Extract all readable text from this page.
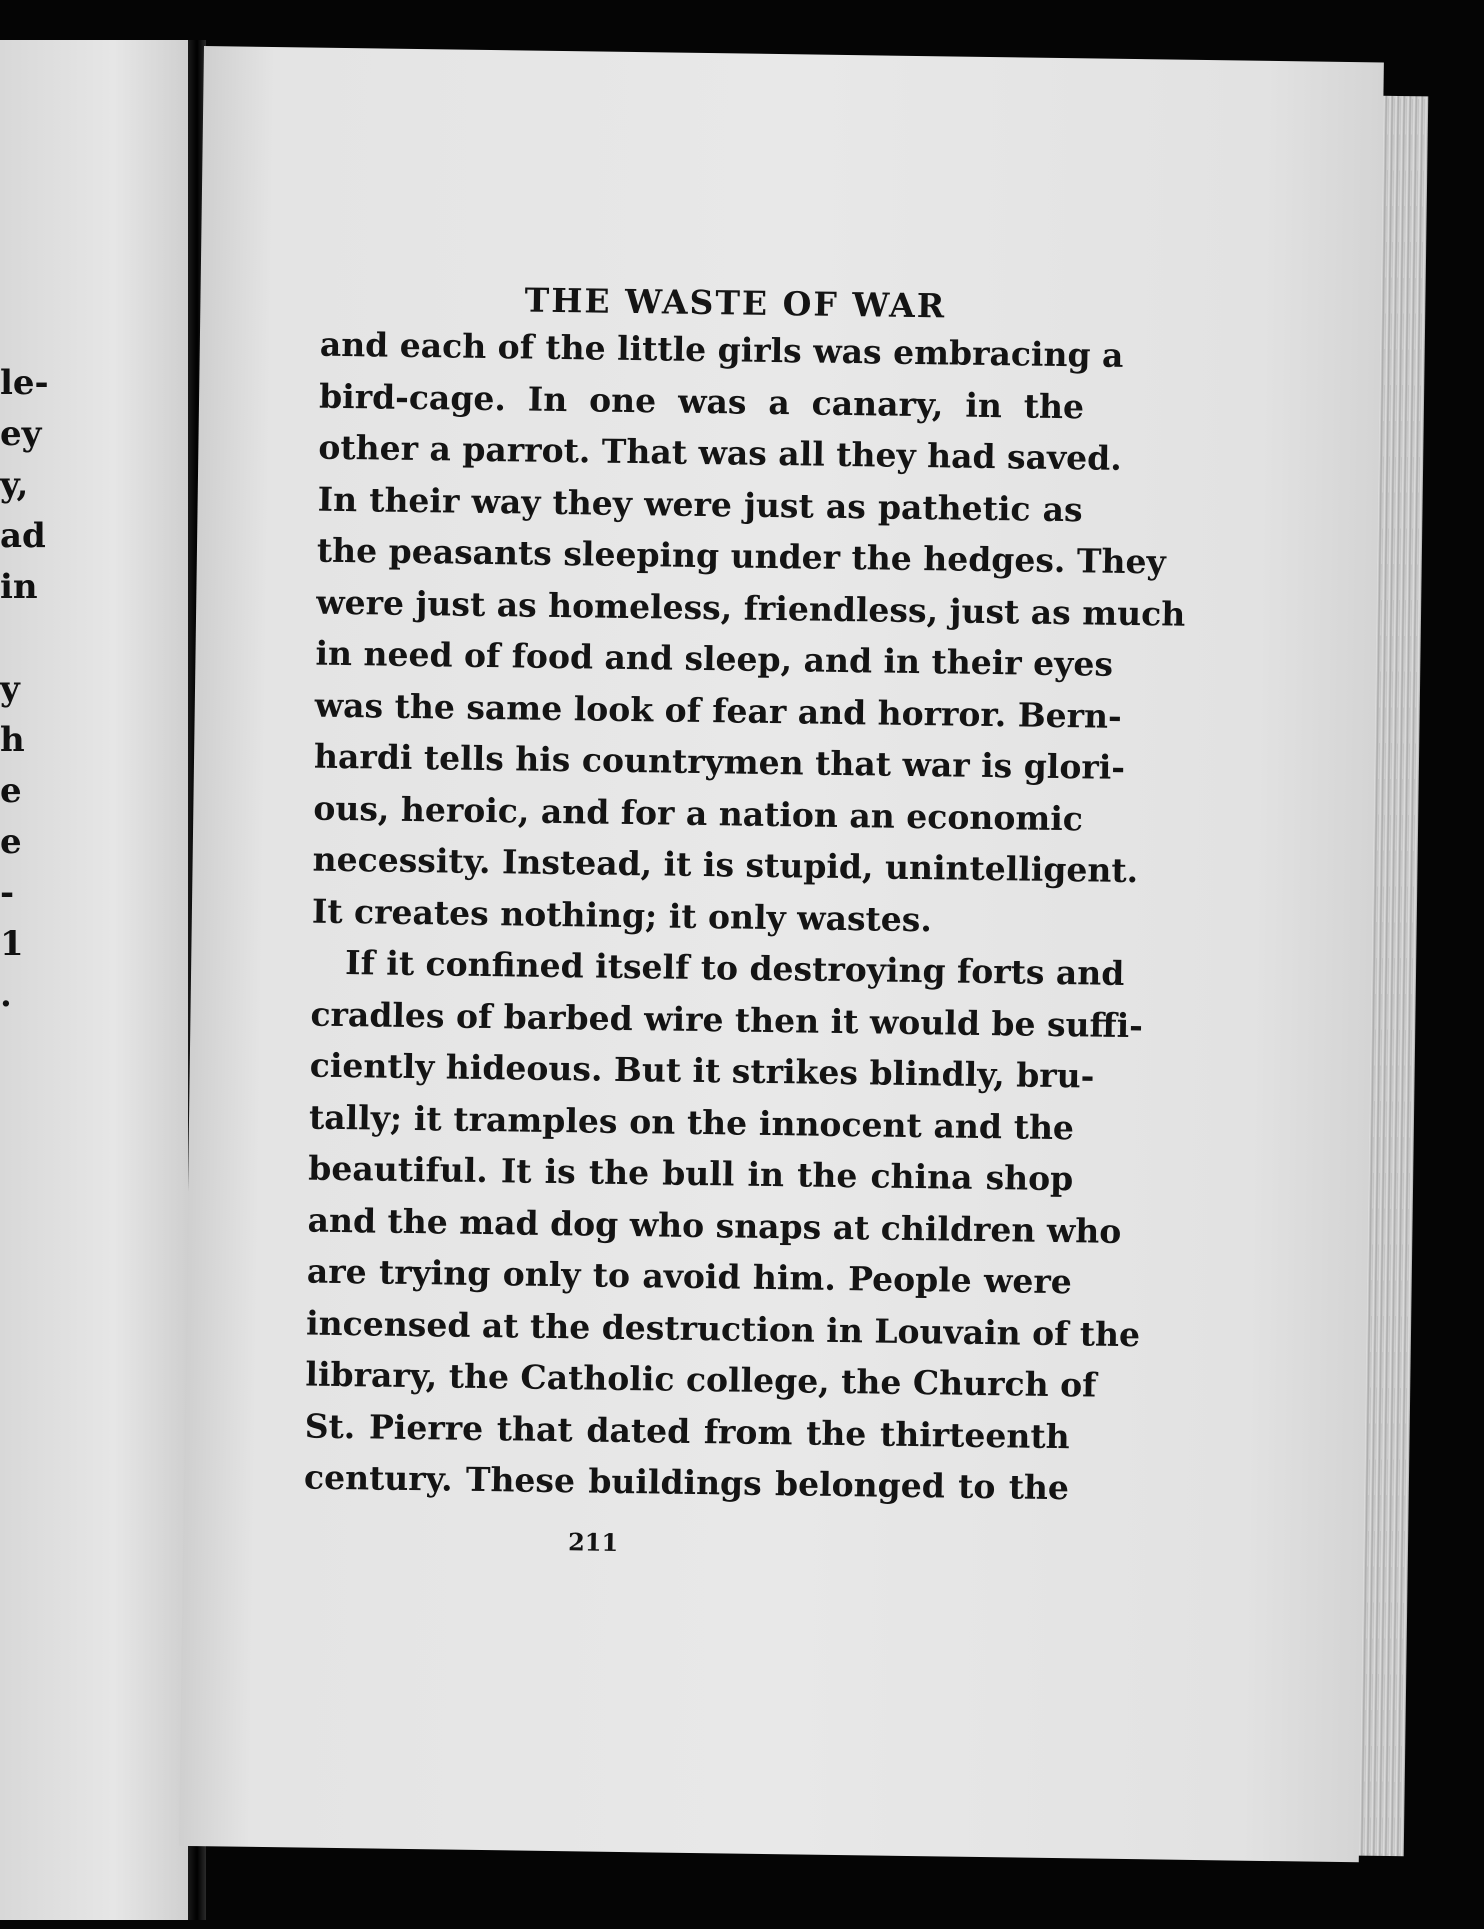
le-
ey
y,
ad
in

y
h
e
e
-
1
.
THE WASTE OF WAR
and each of the little girls was embracing a
bird-cage. In one was a canary, in the
other a parrot. That was all they had saved.
In their way they were just as pathetic as
the peasants sleeping under the hedges. They
were just as homeless, friendless, just as much
in need of food and sleep, and in their eyes
was the same look of fear and horror. Bern-
hardi tells his countrymen that war is glori-
ous, heroic, and for a nation an economic
necessity. Instead, it is stupid, unintelligent.
It creates nothing; it only wastes.
If it confined itself to destroying forts and
cradles of barbed wire then it would be suffi-
ciently hideous. But it strikes blindly, bru-
tally; it tramples on the innocent and the
beautiful. It is the bull in the china shop
and the mad dog who snaps at children who
are trying only to avoid him. People were
incensed at the destruction in Louvain of the
library, the Catholic college, the Church of
St. Pierre that dated from the thirteenth
century. These buildings belonged to the
211
